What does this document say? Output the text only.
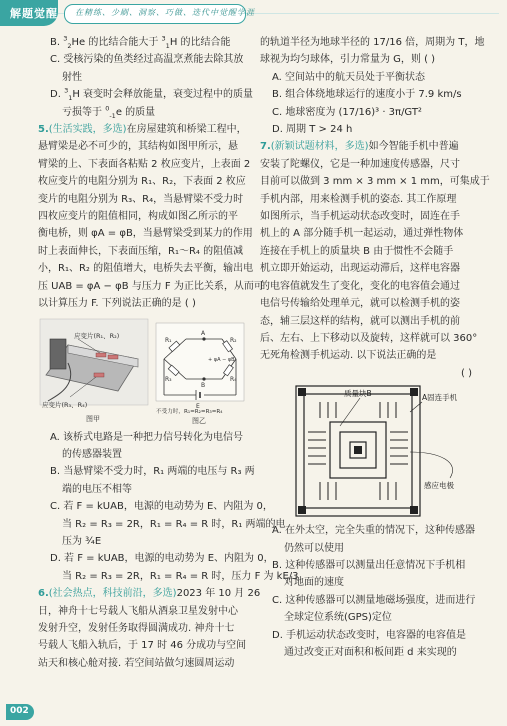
解题觉醒 在精练、少刷、洞察、巧做、迭代中觉醒学涯
B. $^3_2$He 的比结合能大于 $^3_1$H 的比结合能
C. 受核污染的鱼类经过高温烹煮能去除其放
射性
D. $^3_1$H 衰变时会释放能量，衰变过程中的质量
亏损等于 $^0_{-1}$e 的质量
5.(生活实践，多选)在房屋建筑和桥梁工程中，
悬臂梁是必不可少的，其结构如图甲所示，悬
臂梁的上、下表面各粘贴 2 枚应变片，上表面 2
枚应变片的电阻分别为 R₁、R₂，下表面 2 枚应
变片的电阻分别为 R₃、R₄，当悬臂梁不受力时
四枚应变片的阻值相同，构成如图乙所示的平
衡电桥，则 φA = φB，当悬臂梁受到某力的作用
时上表面伸长，下表面压缩，R₁～R₄ 的阻值减
小，R₁、R₂ 的阻值增大，电桥失去平衡，输出电
压 UAB = φA − φB 与压力 F 为正比关系，从而可
以计算压力 F. 下列说法正确的是 ( )
应变片(R₁、R₂)
应变片(R₃、R₄)
图甲
R₁	R₂
R₃	R₄
A
B
+ φA − φB
E
不受力时，R₁=R₂=R₃=R₄
图乙
A. 该桥式电路是一种把力信号转化为电信号
的传感器装置
B. 当悬臂梁不受力时，R₁ 两端的电压与 R₃ 两
端的电压不相等
C. 若 F = kUAB，电源的电动势为 E、内阻为 0，
当 R₂ = R₃ = 2R，R₁ = R₄ = R 时，R₁ 两端的电
压为 ¾E
D. 若 F = kUAB，电源的电动势为 E、内阻为 0，
当 R₂ = R₃ = 2R，R₁ = R₄ = R 时，压力 F 为 kE/3
6.(社会热点，科技前沿，多选)2023 年 10 月 26
日，神舟十七号载人飞船从酒泉卫星发射中心
发射升空，发射任务取得圆满成功. 神舟十七
号载人飞船入轨后，于 17 时 46 分成功与空间
站天和核心舱对接. 若空间站做匀速圆周运动
的轨道半径为地球半径的 17/16 倍，周期为 T，地
球视为均匀球体，引力常量为 G，则 ( )
A. 空间站中的航天员处于平衡状态
B. 组合体绕地球运行的速度小于 7.9 km/s
C. 地球密度为 (17/16)³ · 3π/GT²
D. 周期 T > 24 h
7.(新颖试题材料，多选)如今智能手机中普遍
安装了陀螺仪，它是一种加速度传感器，尺寸
目前可以做到 3 mm × 3 mm × 1 mm，可集成于
手机内部，用来检测手机的姿态. 其工作原理
如图所示，当手机运动状态改变时，固连在手
机上的 A 部分随手机一起运动，通过弹性物体
连接在手机上的质量块 B 由于惯性不会随手
机立即开始运动，出现运动滞后，这样电容器
的电容值就发生了变化，变化的电容值会通过
电信号传输给处理单元，就可以检测手机的姿
态，辅三层这样的结构，就可以测出手机的前
后、左右、上下移动以及旋转，这样就可以 360°
无死角检测手机运动. 以下说法正确的是
( )
质量块B	A固连手机
感应电极
A. 在外太空，完全失重的情况下，这种传感器
仍然可以使用
B. 这种传感器可以测量出任意情况下手机相
对地面的速度
C. 这种传感器可以测量地磁场强度，进而进行
全球定位系统(GPS)定位
D. 手机运动状态改变时，电容器的电容值是
通过改变正对面积和板间距 d 来实现的
002
